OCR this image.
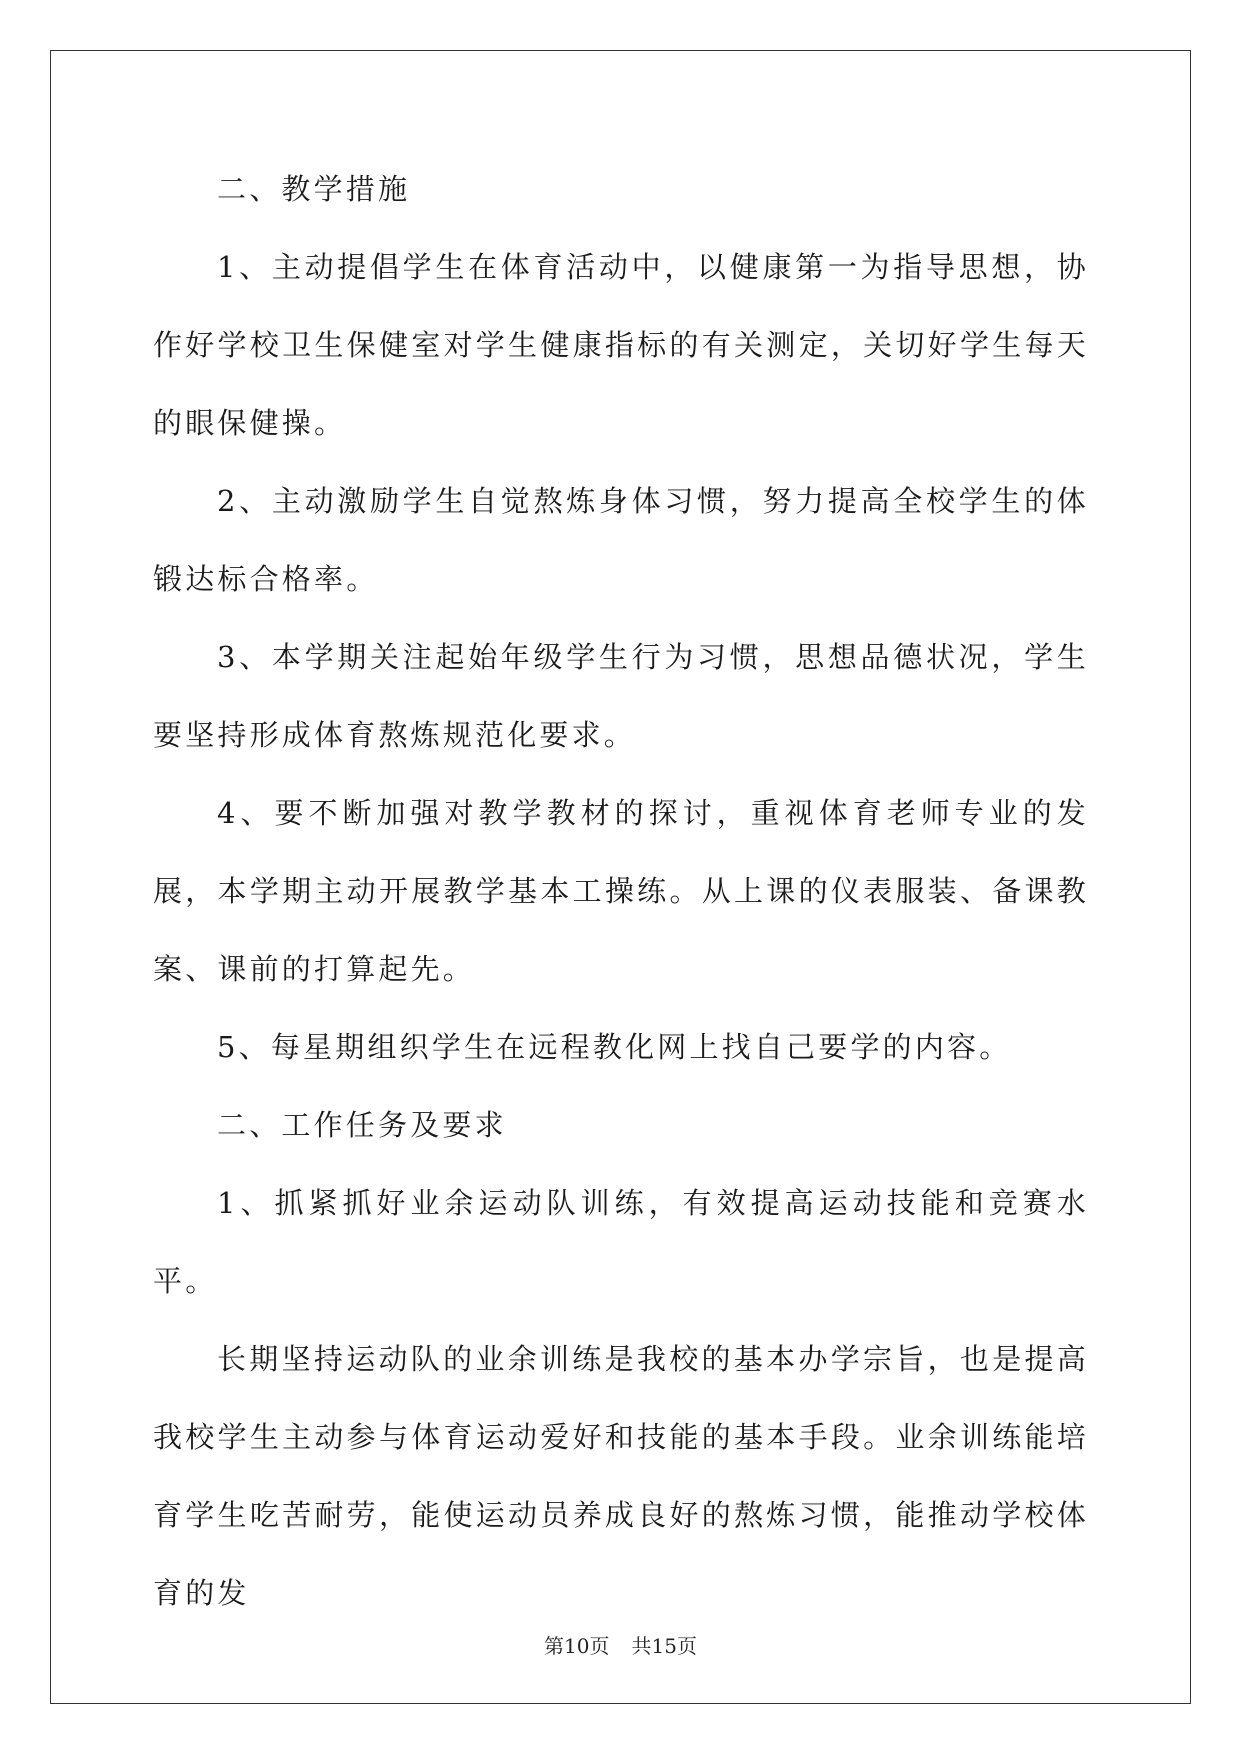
二、教学措施

1、主动提倡学生在体育活动中，以健康第一为指导思想，协作好学校卫生保健室对学生健康指标的有关测定，关切好学生每天的眼保健操。

2、主动激励学生自觉熬炼身体习惯，努力提高全校学生的体锻达标合格率。

3、本学期关注起始年级学生行为习惯，思想品德状况，学生要坚持形成体育熬炼规范化要求。

4、要不断加强对教学教材的探讨，重视体育老师专业的发展，本学期主动开展教学基本工操练。从上课的仪表服装、备课教案、课前的打算起先。

5、每星期组织学生在远程教化网上找自己要学的内容。

二、工作任务及要求

1、抓紧抓好业余运动队训练，有效提高运动技能和竞赛水平。

长期坚持运动队的业余训练是我校的基本办学宗旨，也是提高我校学生主动参与体育运动爱好和技能的基本手段。业余训练能培育学生吃苦耐劳，能使运动员养成良好的熬炼习惯，能推动学校体育的发

第10页 共15页
